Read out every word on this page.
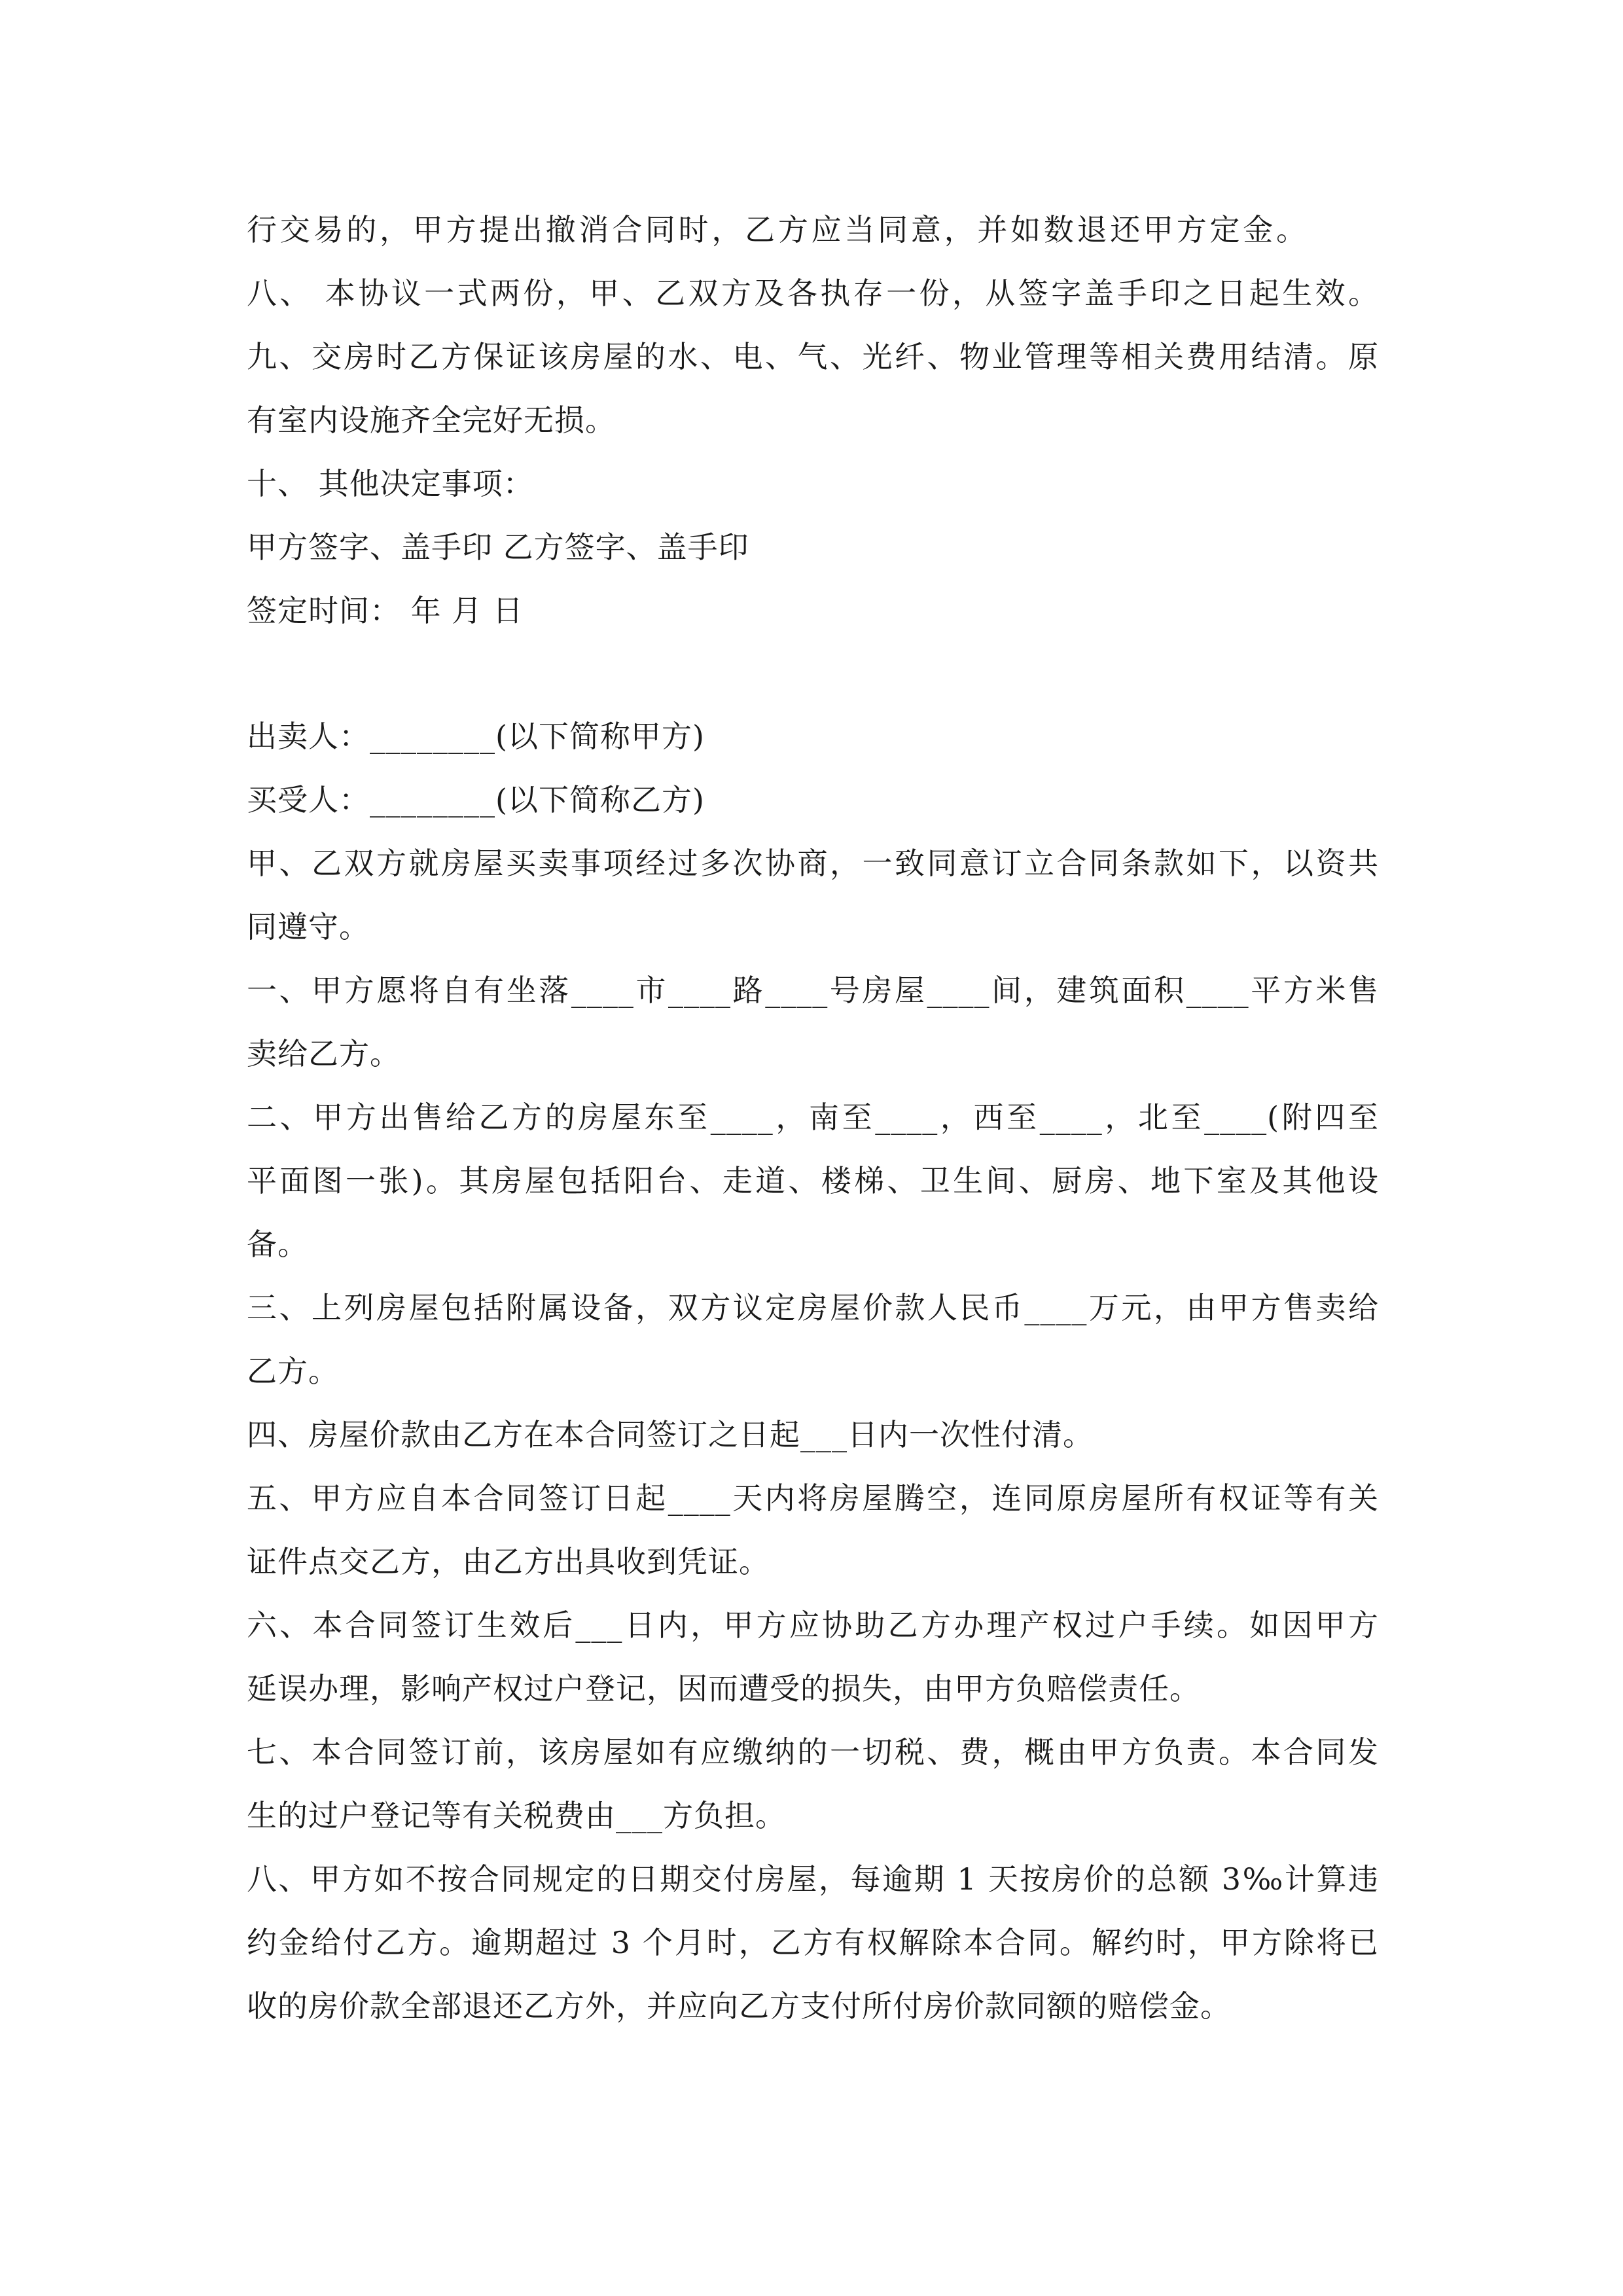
行交易的，甲方提出撤消合同时，乙方应当同意，并如数退还甲方定金。
八、 本协议一式两份，甲、乙双方及各执存一份，从签字盖手印之日起生效。
九、交房时乙方保证该房屋的水、电、气、光纤、物业管理等相关费用结清。原
有室内设施齐全完好无损。
十、 其他决定事项：
甲方签字、盖手印 乙方签字、盖手印
签定时间： 年 月 日
出卖人：________(以下简称甲方)
买受人：________(以下简称乙方)
甲、乙双方就房屋买卖事项经过多次协商，一致同意订立合同条款如下，以资共
同遵守。
一、甲方愿将自有坐落____市____路____号房屋____间，建筑面积____平方米售
卖给乙方。
二、甲方出售给乙方的房屋东至____，南至____，西至____，北至____(附四至
平面图一张)。其房屋包括阳台、走道、楼梯、卫生间、厨房、地下室及其他设
备。
三、上列房屋包括附属设备，双方议定房屋价款人民币____万元，由甲方售卖给
乙方。
四、房屋价款由乙方在本合同签订之日起___日内一次性付清。
五、甲方应自本合同签订日起____天内将房屋腾空，连同原房屋所有权证等有关
证件点交乙方，由乙方出具收到凭证。
六、本合同签订生效后___日内，甲方应协助乙方办理产权过户手续。如因甲方
延误办理，影响产权过户登记，因而遭受的损失，由甲方负赔偿责任。
七、本合同签订前，该房屋如有应缴纳的一切税、费，概由甲方负责。本合同发
生的过户登记等有关税费由___方负担。
八、甲方如不按合同规定的日期交付房屋，每逾期 1 天按房价的总额 3‰计算违
约金给付乙方。逾期超过 3 个月时，乙方有权解除本合同。解约时，甲方除将已
收的房价款全部退还乙方外，并应向乙方支付所付房价款同额的赔偿金。
